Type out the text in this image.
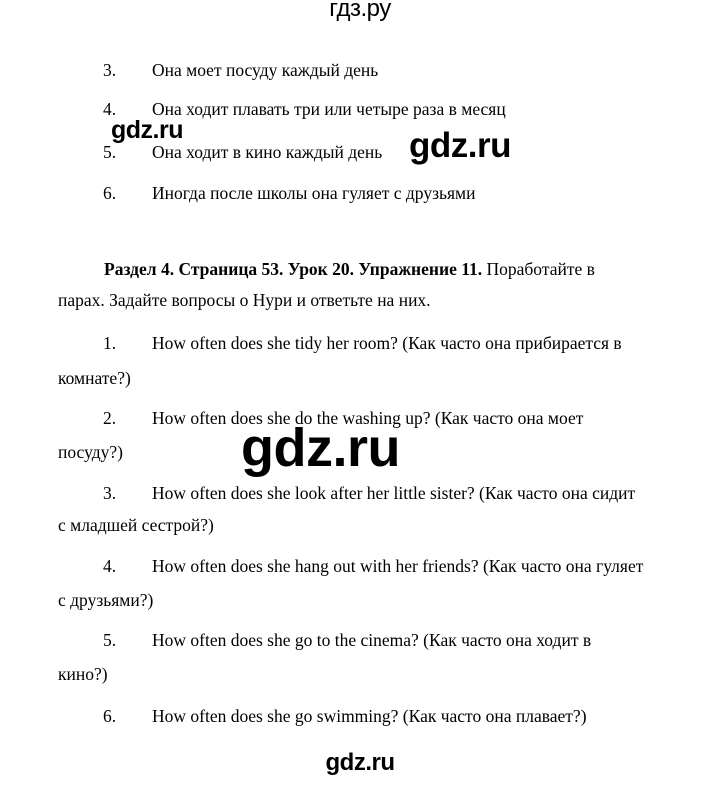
гдз.ру
gdz.ru	gdz.ru
gdz.ru
gdz.ru
3. Она моет посуду каждый день
4. Она ходит плавать три или четыре раза в месяц
5. Она ходит в кино каждый день
6. Иногда после школы она гуляет с друзьями
Раздел 4. Страница 53. Урок 20. Упражнение 11. Поработайте в
парах. Задайте вопросы о Нури и ответьте на них.
1. How often does she tidy her room? (Как часто она прибирается в
комнате?)
2. How often does she do the washing up? (Как часто она моет
посуду?)
3. How often does she look after her little sister? (Как часто она сидит
с младшей сестрой?)
4. How often does she hang out with her friends? (Как часто она гуляет
с друзьями?)
5. How often does she go to the cinema? (Как часто она ходит в
кино?)
6. How often does she go swimming? (Как часто она плавает?)
